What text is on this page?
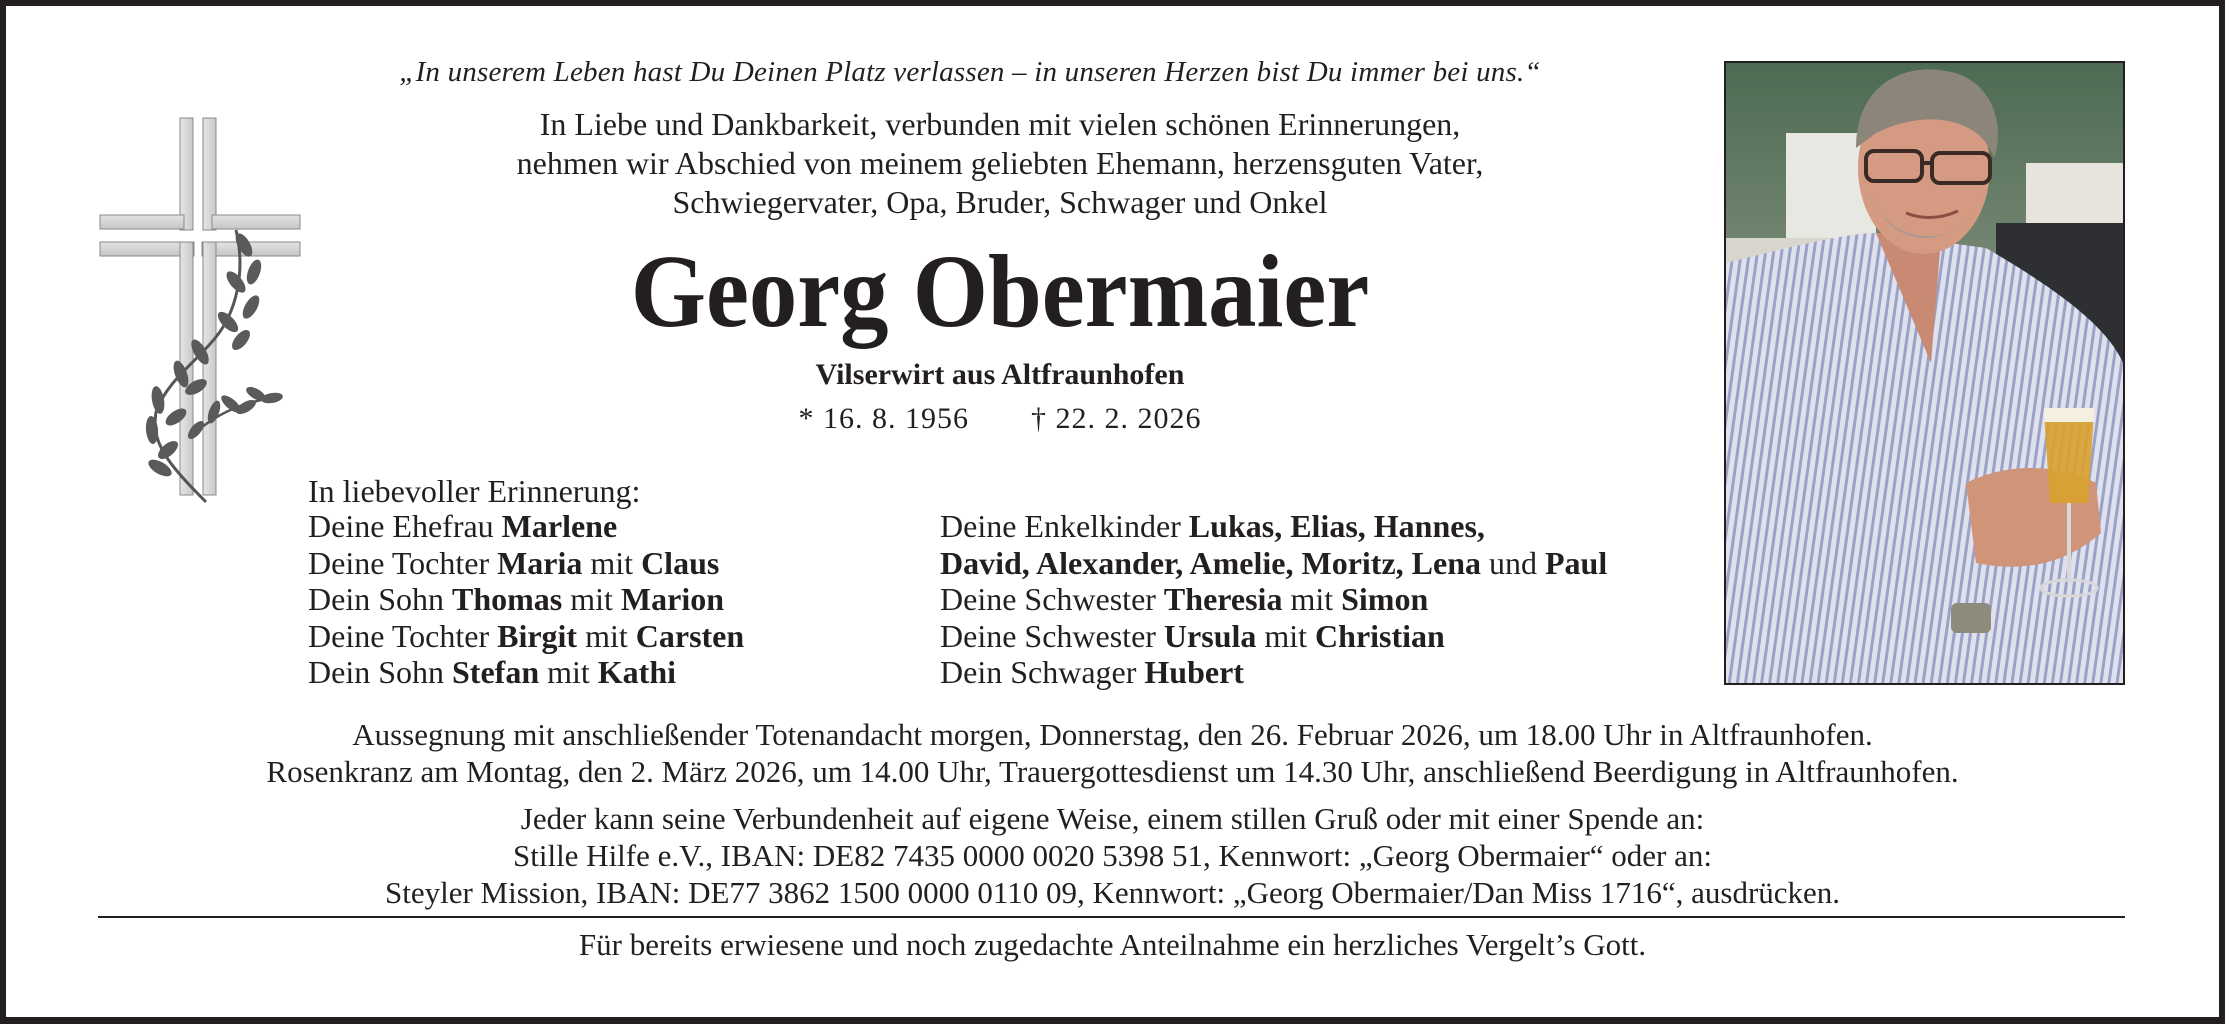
„In unserem Leben hast Du Deinen Platz verlassen – in unseren Herzen bist Du immer bei uns.“
In Liebe und Dankbarkeit, verbunden mit vielen schönen Erinnerungen,
nehmen wir Abschied von meinem geliebten Ehemann, herzensguten Vater,
Schwiegervater, Opa, Bruder, Schwager und Onkel
Georg Obermaier
Vilserwirt aus Altfraunhofen
* 16. 8. 1956 † 22. 2. 2026
In liebevoller Erinnerung:
Deine Ehefrau Marlene
Deine Tochter Maria mit Claus
Dein Sohn Thomas mit Marion
Deine Tochter Birgit mit Carsten
Dein Sohn Stefan mit Kathi
Deine Enkelkinder Lukas, Elias, Hannes,
David, Alexander, Amelie, Moritz, Lena und Paul
Deine Schwester Theresia mit Simon
Deine Schwester Ursula mit Christian
Dein Schwager Hubert
Aussegnung mit anschließender Totenandacht morgen, Donnerstag, den 26. Februar 2026, um 18.00 Uhr in Altfraunhofen.
Rosenkranz am Montag, den 2. März 2026, um 14.00 Uhr, Trauergottesdienst um 14.30 Uhr, anschließend Beerdigung in Altfraunhofen.
Jeder kann seine Verbundenheit auf eigene Weise, einem stillen Gruß oder mit einer Spende an:
Stille Hilfe e.V., IBAN: DE82 7435 0000 0020 5398 51, Kennwort: „Georg Obermaier“ oder an:
Steyler Mission, IBAN: DE77 3862 1500 0000 0110 09, Kennwort: „Georg Obermaier/Dan Miss 1716“, ausdrücken.
Für bereits erwiesene und noch zugedachte Anteilnahme ein herzliches Vergelt’s Gott.
